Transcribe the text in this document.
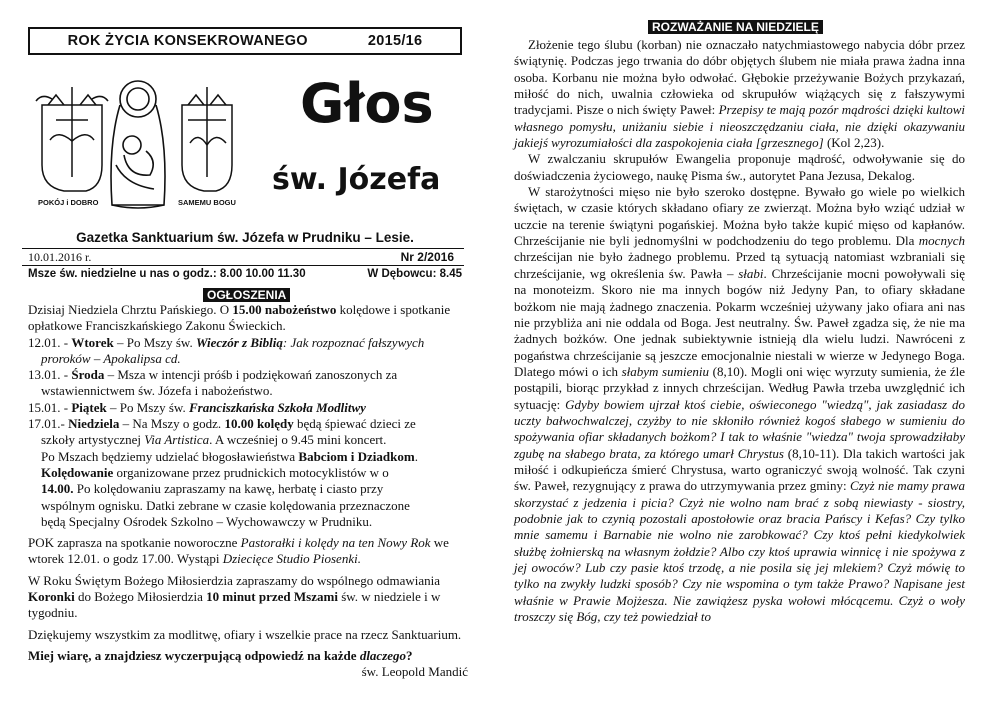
ROK ŻYCIA KONSEKROWANEGO	2015/16
POKÓJ i DOBRO	SAMEMU BOGU
Głos
św. Józefa
Gazetka Sanktuarium św. Józefa w Prudniku – Lesie.
10.01.2016 r.	Nr 2/2016
Msze św. niedzielne u nas o godz.: 8.00 10.00 11.30	W Dębowcu: 8.45
OGŁOSZENIA

Dzisiaj Niedziela Chrztu Pańskiego. O 15.00 nabożeństwo kolędowe i spotkanie opłatkowe Franciszkańskiego Zakonu Świeckich.

12.01. - Wtorek – Po Mszy św. Wieczór z Biblią: Jak rozpoznać fałszywych

proroków – Apokalipsa cd.

13.01. - Środa – Msza w intencji próśb i podziękowań zanoszonych za

wstawiennictwem św. Józefa i nabożeństwo.

15.01. - Piątek – Po Mszy św. Franciszkańska Szkoła Modlitwy

17.01.- Niedziela – Na Mszy o godz. 10.00 kolędy będą śpiewać dzieci ze

szkoły artystycznej Via Artistica. A wcześniej o 9.45 mini koncert.

Po Mszach będziemy udzielać błogosławieństwa Babciom i Dziadkom.

Kolędowanie organizowane przez prudnickich motocyklistów w o

14.00. Po kolędowaniu zapraszamy na kawę, herbatę i ciasto przy

wspólnym ognisku. Datki zebrane w czasie kolędowania przeznaczone

będą Specjalny Ośrodek Szkolno – Wychowawczy w Prudniku.

POK zaprasza na spotkanie noworoczne Pastorałki i kolędy na ten Nowy Rok we wtorek 12.01. o godz 17.00. Wystąpi Dziecięce Studio Piosenki.

W Roku Świętym Bożego Miłosierdzia zapraszamy do wspólnego odmawiania Koronki do Bożego Miłosierdzia 10 minut przed Mszami św. w niedziele i w tygodniu.

Dziękujemy wszystkim za modlitwę, ofiary i wszelkie prace na rzecz Sanktuarium.

Miej wiarę, a znajdziesz wyczerpującą odpowiedź na każde dlaczego?

św. Leopold Mandić

ROZWAŻANIE NA NIEDZIELĘ

Złożenie tego ślubu (korban) nie oznaczało natychmiastowego nabycia dóbr przez świątynię. Podczas jego trwania do dóbr objętych ślubem nie miała prawa żadna inna osoba. Korbanu nie można było odwołać. Głębokie przeżywanie Bożych przykazań, miłość do nich, uwalnia człowieka od skrupułów wiążących się z fałszywymi tradycjami. Pisze o nich święty Paweł: Przepisy te mają pozór mądrości dzięki kultowi własnego pomysłu, uniżaniu siebie i nieoszczędzaniu ciała, nie dzięki okazywaniu jakiejś wyrozumiałości dla zaspokojenia ciała [grzesznego] (Kol 2,23).

W zwalczaniu skrupułów Ewangelia proponuje mądrość, odwoływanie się do doświadczenia życiowego, naukę Pisma św., autorytet Pana Jezusa, Dekalog.

W starożytności mięso nie było szeroko dostępne. Bywało go wiele po wielkich świętach, w czasie których składano ofiary ze zwierząt. Można było wziąć udział w uczcie na terenie świątyni pogańskiej. Można było także kupić mięso od kapłanów. Chrześcijanie nie byli jednomyślni w podchodzeniu do tego problemu. Dla mocnych chrześcijan nie było żadnego problemu. Przed tą sytuacją natomiast wzbraniali się chrześcijanie, wg określenia św. Pawła – słabi. Chrześcijanie mocni powoływali się na monoteizm. Skoro nie ma innych bogów niż Jedyny Pan, to ofiary składane bożkom nie mają żadnego znaczenia. Pokarm wcześniej używany jako ofiara ani nas nie przybliża ani nie oddala od Boga. Jest neutralny. Św. Paweł zgadza się, że nie ma żadnych bożków. One jednak subiektywnie istnieją dla wielu ludzi. Nawróceni z pogaństwa chrześcijanie są jeszcze emocjonalnie niestali w wierze w Jedynego Boga. Dlatego mówi o ich słabym sumieniu (8,10). Mogli oni więc wyrzuty sumienia, że źle postąpili, biorąc przykład z innych chrześcijan. Według Pawła trzeba uwzględnić ich sytuację: Gdyby bowiem ujrzał ktoś ciebie, oświeconego "wiedzą", jak zasiadasz do uczty bałwochwalczej, czyżby to nie skłoniło również kogoś słabego w sumieniu do spożywania ofiar składanych bożkom? I tak to właśnie "wiedza" twoja sprowadziłaby zgubę na słabego brata, za którego umarł Chrystus (8,10-11). Dla takich wartości jak miłość i odkupieńcza śmierć Chrystusa, warto ograniczyć swoją wolność. Tak czyni św. Paweł, rezygnujący z prawa do utrzymywania przez gminy: Czyż nie mamy prawa skorzystać z jedzenia i picia? Czyż nie wolno nam brać z sobą niewiasty - siostry, podobnie jak to czynią pozostali apostołowie oraz bracia Pańscy i Kefas? Czy tylko mnie samemu i Barnabie nie wolno nie zarobkować? Czy ktoś pełni kiedykolwiek służbę żołnierską na własnym żołdzie? Albo czy ktoś uprawia winnicę i nie spożywa z jej owoców? Lub czy pasie ktoś trzodę, a nie posila się jej mlekiem? Czyż mówię to tylko na zwykły ludzki sposób? Czy nie wspomina o tym także Prawo? Napisane jest właśnie w Prawie Mojżesza. Nie zawiążesz pyska wołowi młócącemu. Czyż o woły troszczy się Bóg, czy też powiedział to
